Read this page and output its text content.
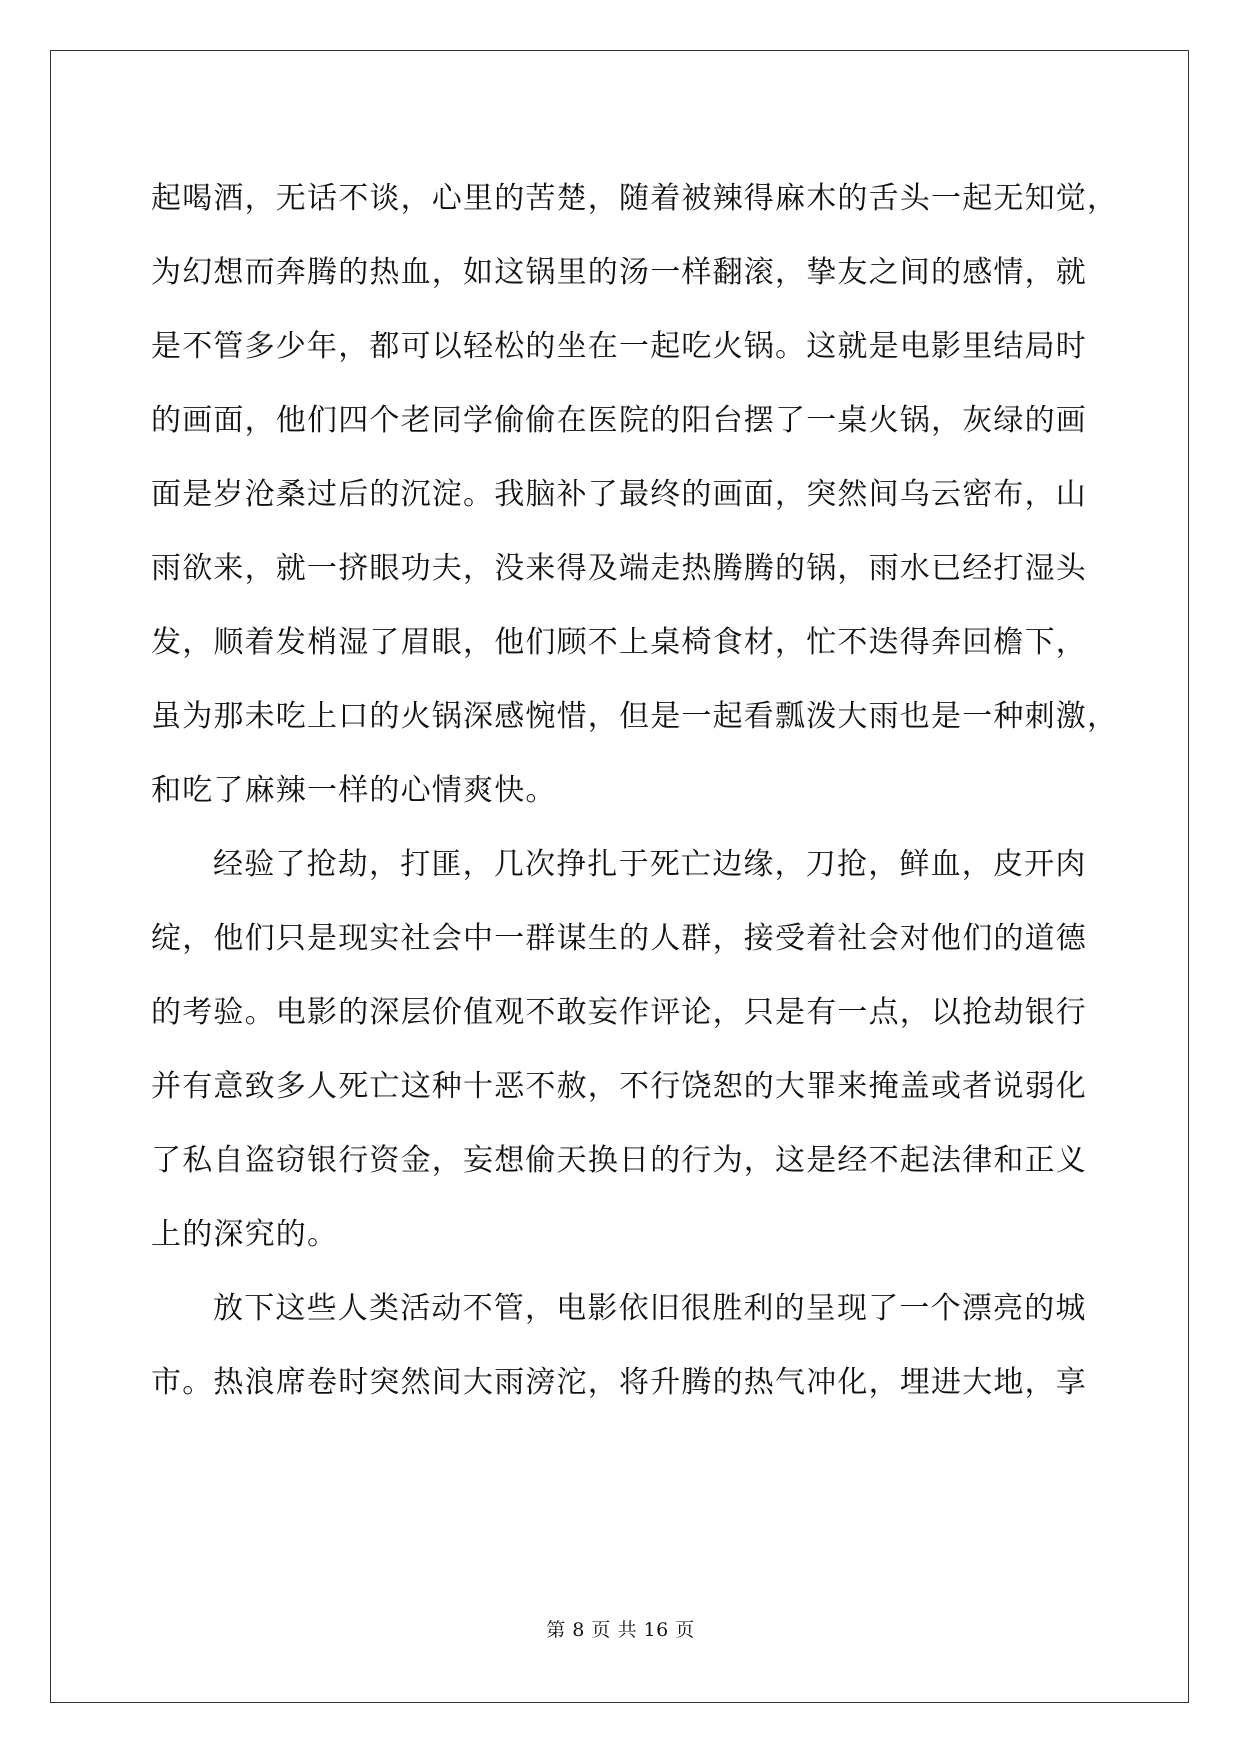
起喝酒，无话不谈，心里的苦楚，随着被辣得麻木的舌头一起无知觉，
为幻想而奔腾的热血，如这锅里的汤一样翻滚，挚友之间的感情，就
是不管多少年，都可以轻松的坐在一起吃火锅。这就是电影里结局时
的画面，他们四个老同学偷偷在医院的阳台摆了一桌火锅，灰绿的画
面是岁沧桑过后的沉淀。我脑补了最终的画面，突然间乌云密布，山
雨欲来，就一挤眼功夫，没来得及端走热腾腾的锅，雨水已经打湿头
发，顺着发梢湿了眉眼，他们顾不上桌椅食材，忙不迭得奔回檐下，
虽为那未吃上口的火锅深感惋惜，但是一起看瓢泼大雨也是一种刺激，
和吃了麻辣一样的心情爽快。
经验了抢劫，打匪，几次挣扎于死亡边缘，刀抢，鲜血，皮开肉
绽，他们只是现实社会中一群谋生的人群，接受着社会对他们的道德
的考验。电影的深层价值观不敢妄作评论，只是有一点，以抢劫银行
并有意致多人死亡这种十恶不赦，不行饶恕的大罪来掩盖或者说弱化
了私自盗窃银行资金，妄想偷天换日的行为，这是经不起法律和正义
上的深究的。
放下这些人类活动不管，电影依旧很胜利的呈现了一个漂亮的城
市。热浪席卷时突然间大雨滂沱，将升腾的热气冲化，埋进大地，享
第 8 页 共 16 页
